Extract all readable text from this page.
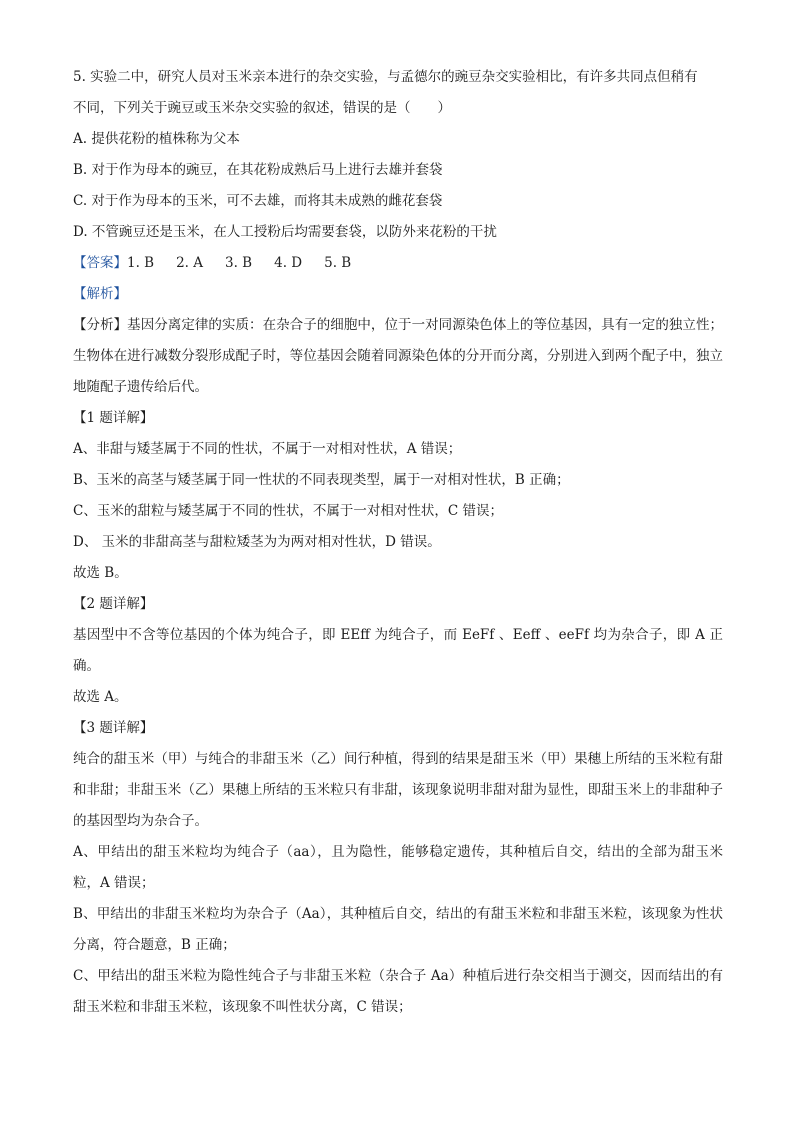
5. 实验二中，研究人员对玉米亲本进行的杂交实验，与孟德尔的豌豆杂交实验相比，有许多共同点但稍有

不同，下列关于豌豆或玉米杂交实验的叙述，错误的是（　　）

A. 提供花粉的植株称为父本

B. 对于作为母本的豌豆，在其花粉成熟后马上进行去雄并套袋

C. 对于作为母本的玉米，可不去雄，而将其未成熟的雌花套袋

D. 不管豌豆还是玉米，在人工授粉后均需要套袋，以防外来花粉的干扰

【答案】1. B 2. A 3. B 4. D 5. B

【解析】

【分析】基因分离定律的实质：在杂合子的细胞中，位于一对同源染色体上的等位基因，具有一定的独立性；生物体在进行减数分裂形成配子时，等位基因会随着同源染色体的分开而分离，分别进入到两个配子中，独立地随配子遗传给后代。

【1 题详解】

A、非甜与矮茎属于不同的性状，不属于一对相对性状，A 错误；

B、玉米的高茎与矮茎属于同一性状的不同表现类型，属于一对相对性状，B 正确；

C、玉米的甜粒与矮茎属于不同的性状，不属于一对相对性状，C 错误；

D、 玉米的非甜高茎与甜粒矮茎为为两对相对性状，D 错误。

故选 B。

【2 题详解】

基因型中不含等位基因的个体为纯合子，即 EEff 为纯合子，而 EeFf 、Eeff 、eeFf 均为杂合子，即 A 正确。

故选 A。

【3 题详解】

纯合的甜玉米（甲）与纯合的非甜玉米（乙）间行种植，得到的结果是甜玉米（甲）果穗上所结的玉米粒有甜和非甜；非甜玉米（乙）果穗上所结的玉米粒只有非甜，该现象说明非甜对甜为显性，即甜玉米上的非甜种子的基因型均为杂合子。

A、甲结出的甜玉米粒均为纯合子（aa），且为隐性，能够稳定遗传，其种植后自交，结出的全部为甜玉米粒，A 错误；

B、甲结出的非甜玉米粒均为杂合子（Aa），其种植后自交，结出的有甜玉米粒和非甜玉米粒，该现象为性状分离，符合题意，B 正确；

C、甲结出的甜玉米粒为隐性纯合子与非甜玉米粒（杂合子 Aa）种植后进行杂交相当于测交，因而结出的有甜玉米粒和非甜玉米粒，该现象不叫性状分离，C 错误；
